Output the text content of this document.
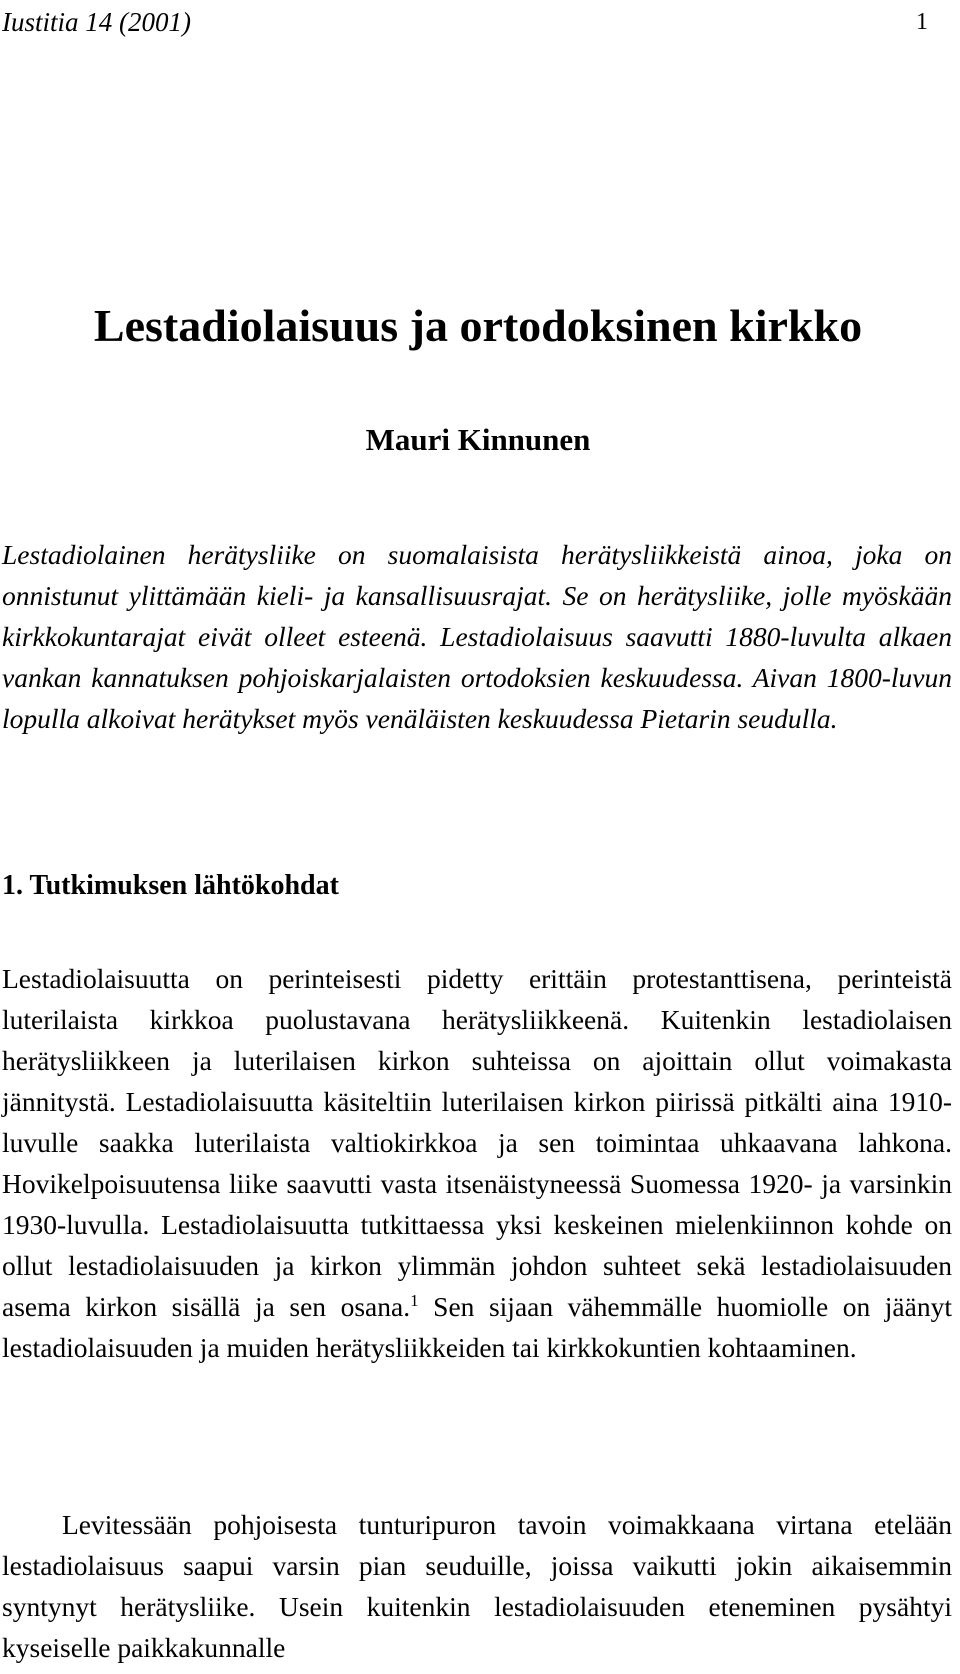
Iustitia 14 (2001)	1
Lestadiolaisuus ja ortodoksinen kirkko
Mauri Kinnunen

Lestadiolainen herätysliike on suomalaisista herätysliikkeistä ainoa, joka on onnistunut ylittämään kieli- ja kansallisuusrajat. Se on herätysliike, jolle myöskään kirkkokuntarajat eivät olleet esteenä. Lestadiolaisuus saavutti 1880-luvulta alkaen vankan kannatuksen pohjoiskarjalaisten ortodoksien keskuudessa. Aivan 1800-luvun lopulla alkoivat herätykset myös venäläisten keskuudessa Pietarin seudulla.

1. Tutkimuksen lähtökohdat

Lestadiolaisuutta on perinteisesti pidetty erittäin protestanttisena, perinteistä luterilaista kirkkoa puolustavana herätysliikkeenä. Kuitenkin lestadiolaisen herätysliikkeen ja luterilaisen kirkon suhteissa on ajoittain ollut voimakasta jännitystä. Lestadiolaisuutta käsiteltiin luterilaisen kirkon piirissä pitkälti aina 1910-luvulle saakka luterilaista valtiokirkkoa ja sen toimintaa uhkaavana lahkona. Hovikelpoisuutensa liike saavutti vasta itsenäistyneessä Suomessa 1920- ja varsinkin 1930-luvulla. Lestadiolaisuutta tutkittaessa yksi keskeinen mielenkiinnon kohde on ollut lestadiolaisuuden ja kirkon ylimmän johdon suhteet sekä lestadiolaisuuden asema kirkon sisällä ja sen osana.$^1$ Sen sijaan vähemmälle huomiolle on jäänyt lestadiolaisuuden ja muiden herätysliikkeiden tai kirkkokuntien kohtaaminen.

Levitessään pohjoisesta tunturipuron tavoin voimakkaana virtana etelään lestadiolaisuus saapui varsin pian seuduille, joissa vaikutti jokin aikaisemmin syntynyt herätysliike. Usein kuitenkin lestadiolaisuuden eteneminen pysähtyi kyseiselle paikkakunnalle
